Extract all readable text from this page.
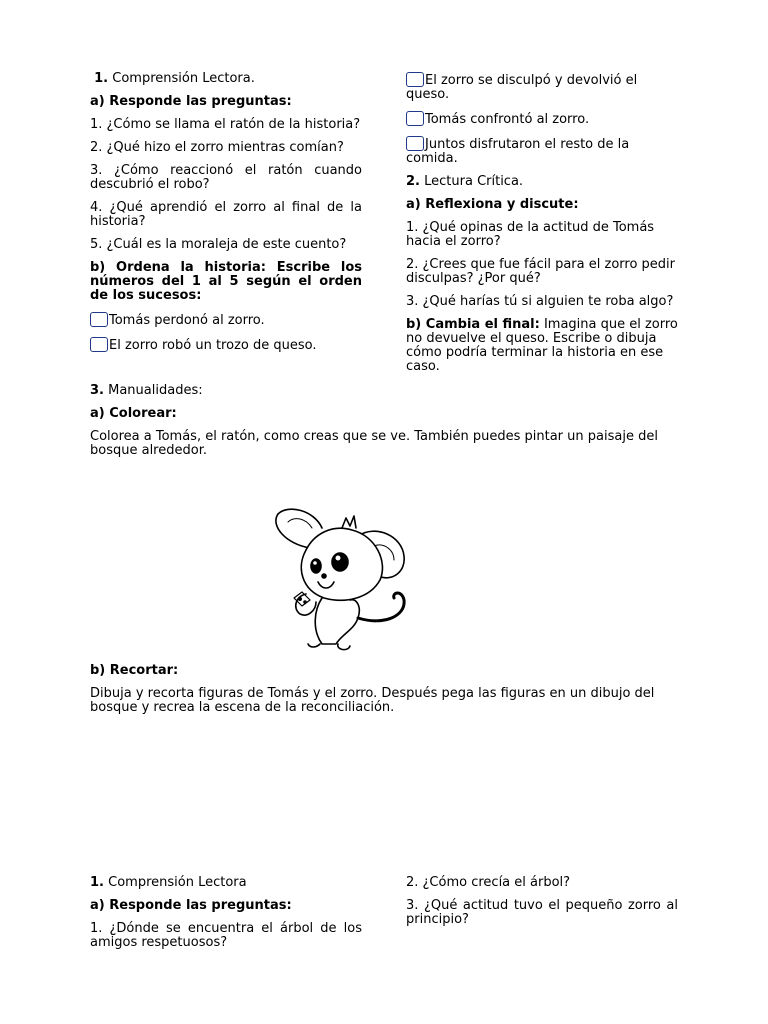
1. Comprensión Lectora.

a) Responde las preguntas:

1. ¿Cómo se llama el ratón de la historia?

2. ¿Qué hizo el zorro mientras comían?

3. ¿Cómo reaccionó el ratón cuando descubrió el robo?

4. ¿Qué aprendió el zorro al final de la historia?

5. ¿Cuál es la moraleja de este cuento?

b) Ordena la historia: Escribe los números del 1 al 5 según el orden de los sucesos:

Tomás perdonó al zorro.

El zorro robó un trozo de queso.

El zorro se disculpó y devolvió el queso.

Tomás confrontó al zorro.

Juntos disfrutaron el resto de la comida.

2. Lectura Crítica.

a) Reflexiona y discute:

1. ¿Qué opinas de la actitud de Tomás hacia el zorro?

2. ¿Crees que fue fácil para el zorro pedir disculpas? ¿Por qué?

3. ¿Qué harías tú si alguien te roba algo?

b) Cambia el final: Imagina que el zorro no devuelve el queso. Escribe o dibuja cómo podría terminar la historia en ese caso.

3. Manualidades:

a) Colorear:

Colorea a Tomás, el ratón, como creas que se ve. También puedes pintar un paisaje del bosque alrededor.

b) Recortar:

Dibuja y recorta figuras de Tomás y el zorro. Después pega las figuras en un dibujo del bosque y recrea la escena de la reconciliación.

1. Comprensión Lectora

a) Responde las preguntas:

1. ¿Dónde se encuentra el árbol de los amigos respetuosos?

2. ¿Cómo crecía el árbol?

3. ¿Qué actitud tuvo el pequeño zorro al principio?
